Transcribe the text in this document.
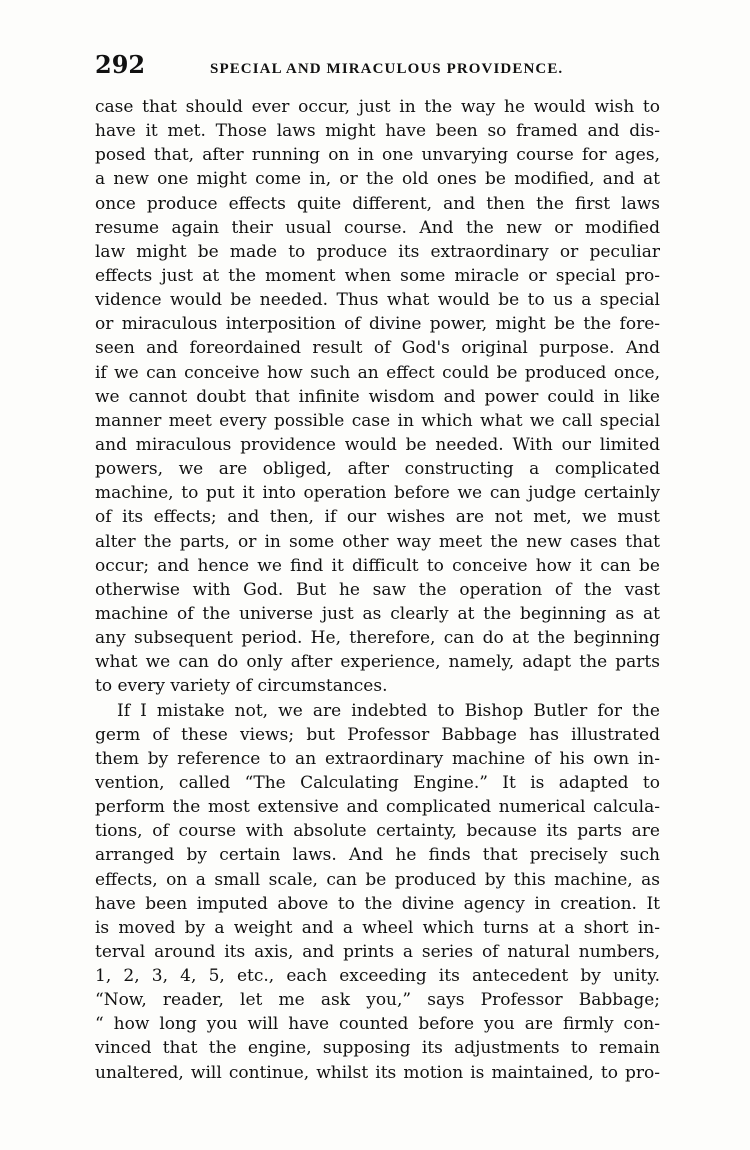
292	SPECIAL AND MIRACULOUS PROVIDENCE.
case that should ever occur, just in the way he would wish to
have it met. Those laws might have been so framed and dis-
posed that, after running on in one unvarying course for ages,
a new one might come in, or the old ones be modified, and at
once produce effects quite different, and then the first laws
resume again their usual course. And the new or modified
law might be made to produce its extraordinary or peculiar
effects just at the moment when some miracle or special pro-
vidence would be needed. Thus what would be to us a special
or miraculous interposition of divine power, might be the fore-
seen and foreordained result of God's original purpose. And
if we can conceive how such an effect could be produced once,
we cannot doubt that infinite wisdom and power could in like
manner meet every possible case in which what we call special
and miraculous providence would be needed. With our limited
powers, we are obliged, after constructing a complicated
machine, to put it into operation before we can judge certainly
of its effects; and then, if our wishes are not met, we must
alter the parts, or in some other way meet the new cases that
occur; and hence we find it difficult to conceive how it can be
otherwise with God. But he saw the operation of the vast
machine of the universe just as clearly at the beginning as at
any subsequent period. He, therefore, can do at the beginning
what we can do only after experience, namely, adapt the parts
to every variety of circumstances.
If I mistake not, we are indebted to Bishop Butler for the
germ of these views; but Professor Babbage has illustrated
them by reference to an extraordinary machine of his own in-
vention, called “The Calculating Engine.” It is adapted to
perform the most extensive and complicated numerical calcula-
tions, of course with absolute certainty, because its parts are
arranged by certain laws. And he finds that precisely such
effects, on a small scale, can be produced by this machine, as
have been imputed above to the divine agency in creation. It
is moved by a weight and a wheel which turns at a short in-
terval around its axis, and prints a series of natural numbers,
1, 2, 3, 4, 5, etc., each exceeding its antecedent by unity.
“Now, reader, let me ask you,” says Professor Babbage;
“ how long you will have counted before you are firmly con-
vinced that the engine, supposing its adjustments to remain
unaltered, will continue, whilst its motion is maintained, to pro-
